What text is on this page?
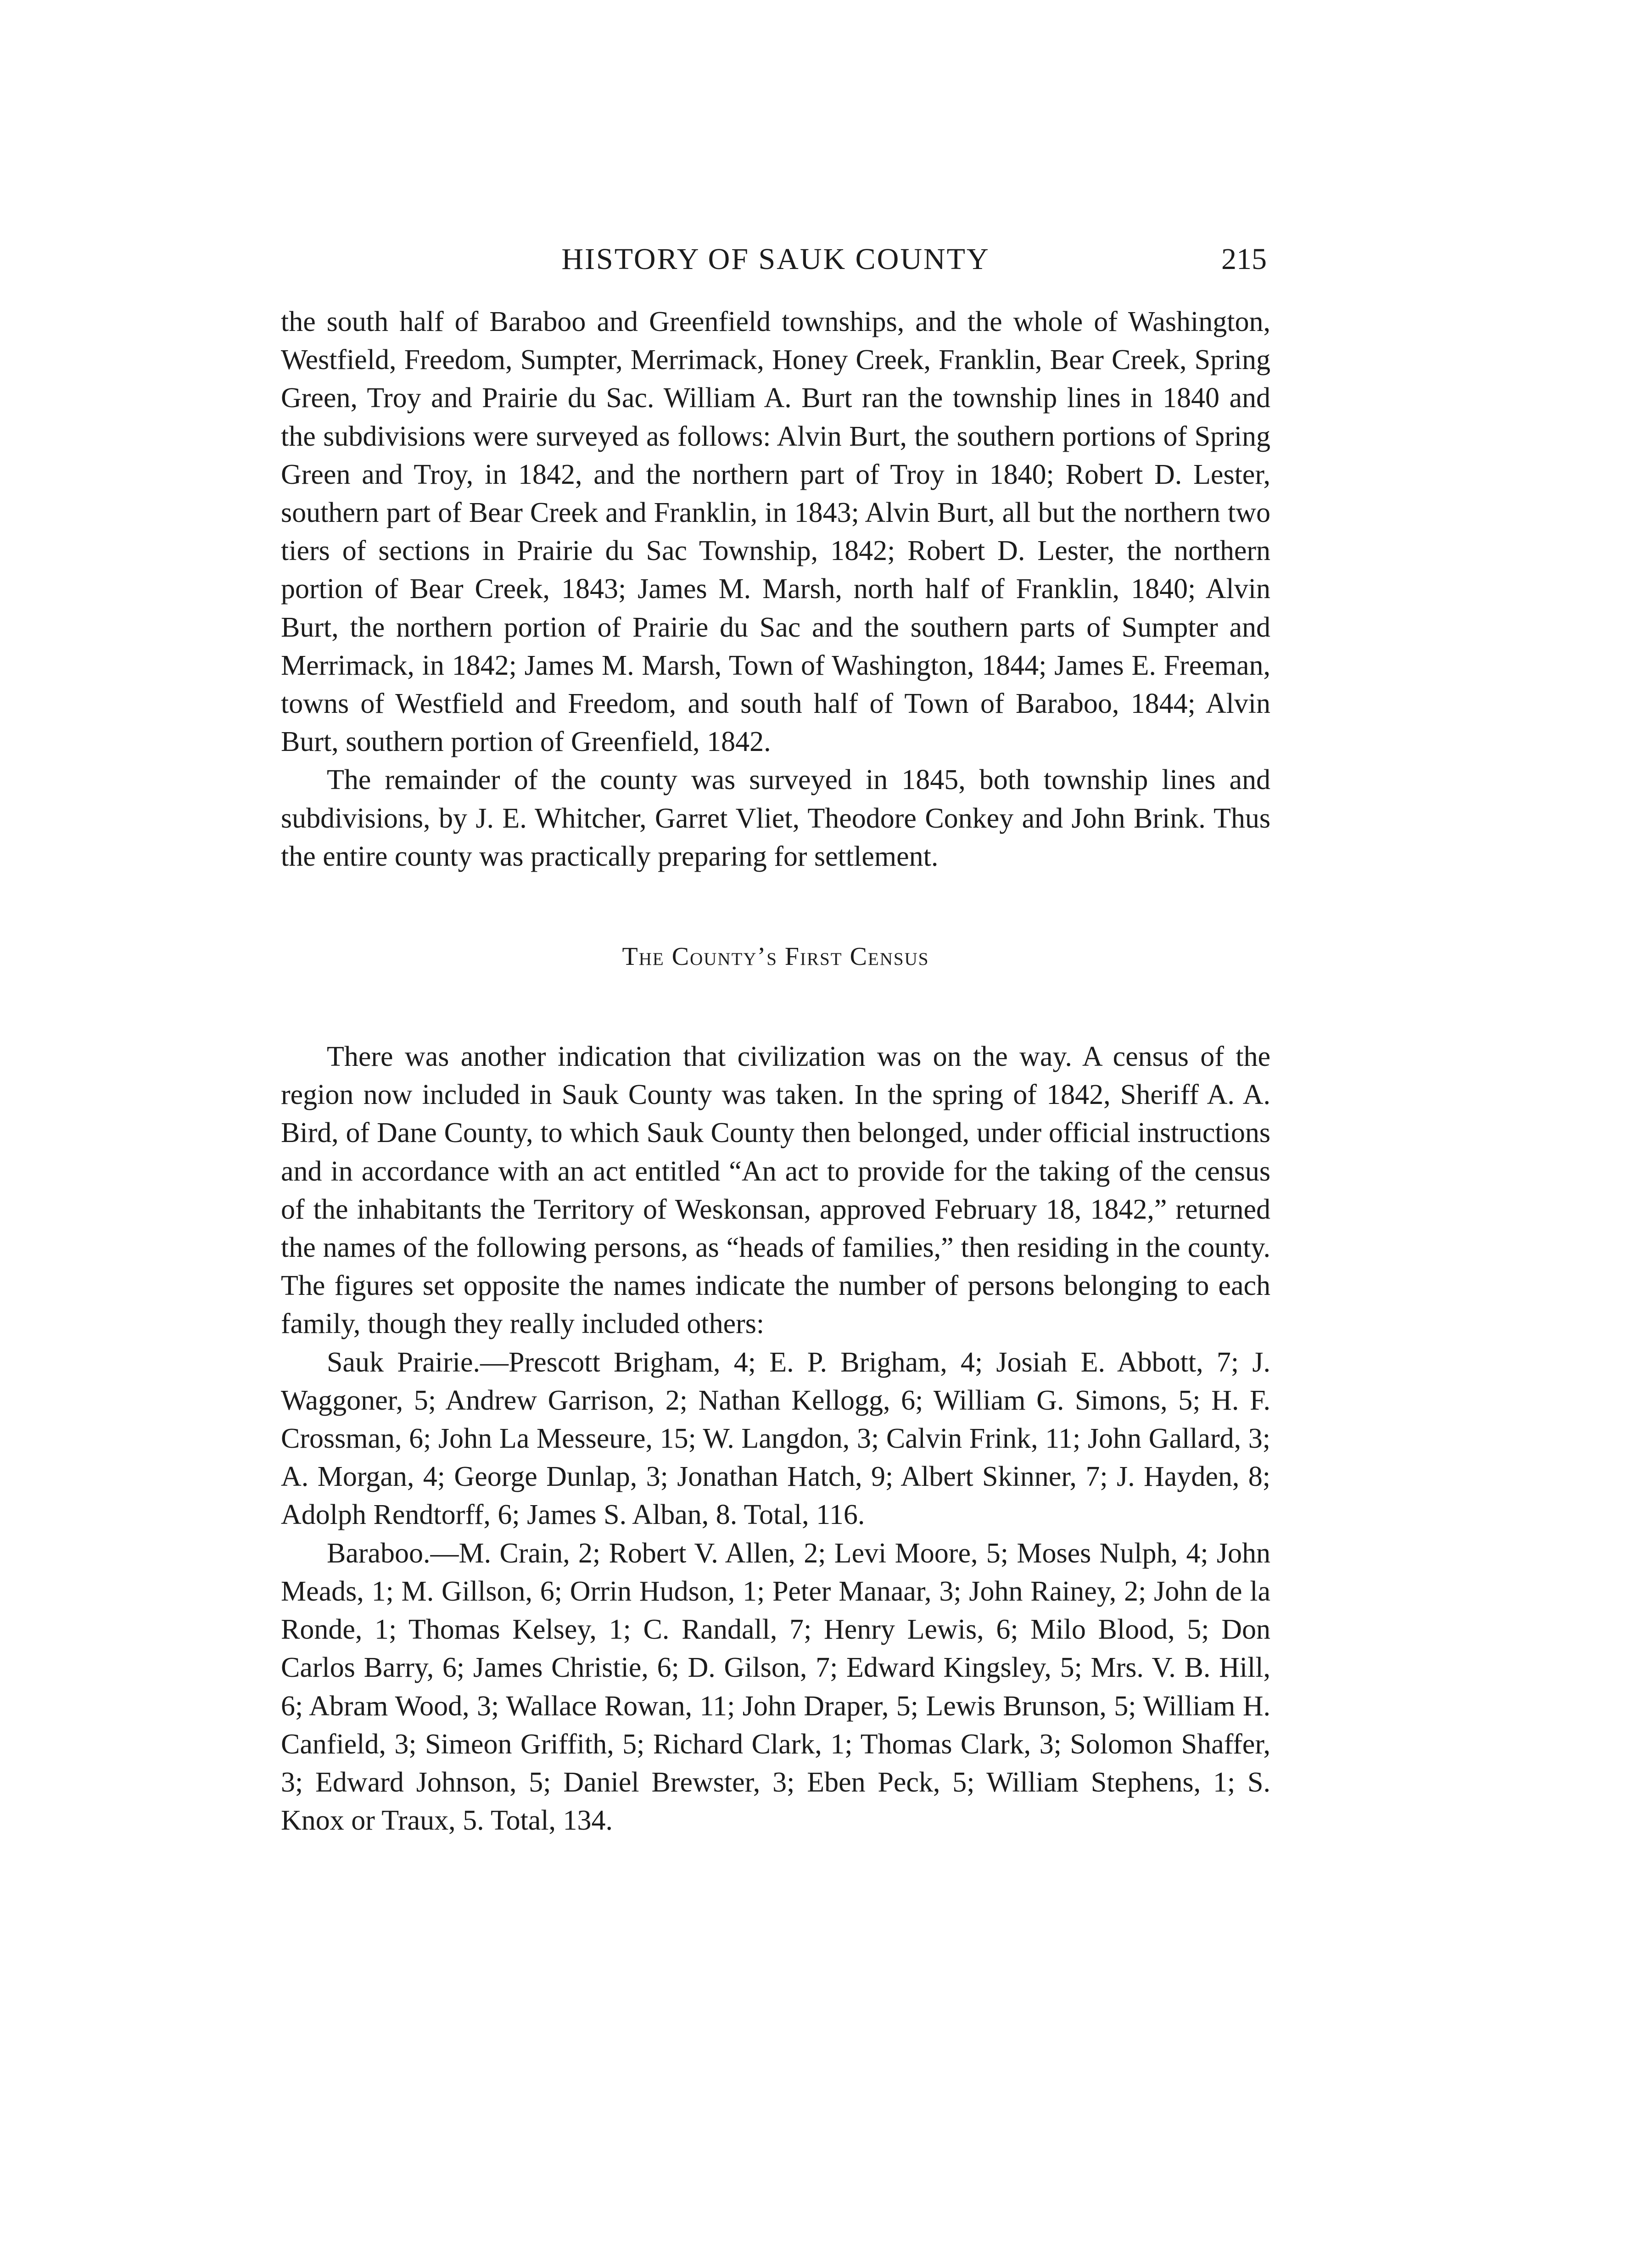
HISTORY OF SAUK COUNTY	215

the south half of Baraboo and Greenfield townships, and the whole of Washington, Westfield, Freedom, Sumpter, Merrimack, Honey Creek, Franklin, Bear Creek, Spring Green, Troy and Prairie du Sac. William A. Burt ran the township lines in 1840 and the subdivisions were surveyed as follows: Alvin Burt, the southern portions of Spring Green and Troy, in 1842, and the northern part of Troy in 1840; Robert D. Lester, southern part of Bear Creek and Franklin, in 1843; Alvin Burt, all but the northern two tiers of sections in Prairie du Sac Township, 1842; Robert D. Lester, the northern portion of Bear Creek, 1843; James M. Marsh, north half of Franklin, 1840; Alvin Burt, the northern portion of Prairie du Sac and the southern parts of Sumpter and Merrimack, in 1842; James M. Marsh, Town of Washington, 1844; James E. Freeman, towns of Westfield and Freedom, and south half of Town of Baraboo, 1844; Alvin Burt, southern portion of Greenfield, 1842.

The remainder of the county was surveyed in 1845, both township lines and subdivisions, by J. E. Whitcher, Garret Vliet, Theodore Conkey and John Brink. Thus the entire county was practically preparing for settlement.

The County’s First Census

There was another indication that civilization was on the way. A census of the region now included in Sauk County was taken. In the spring of 1842, Sheriff A. A. Bird, of Dane County, to which Sauk County then belonged, under official instructions and in accordance with an act entitled “An act to provide for the taking of the census of the inhabitants the Territory of Weskonsan, approved February 18, 1842,” returned the names of the following persons, as “heads of families,” then residing in the county. The figures set opposite the names indicate the number of persons belonging to each family, though they really included others:

Sauk Prairie.—Prescott Brigham, 4; E. P. Brigham, 4; Josiah E. Abbott, 7; J. Waggoner, 5; Andrew Garrison, 2; Nathan Kellogg, 6; William G. Simons, 5; H. F. Crossman, 6; John La Messeure, 15; W. Langdon, 3; Calvin Frink, 11; John Gallard, 3; A. Morgan, 4; George Dunlap, 3; Jonathan Hatch, 9; Albert Skinner, 7; J. Hayden, 8; Adolph Rendtorff, 6; James S. Alban, 8. Total, 116.

Baraboo.—M. Crain, 2; Robert V. Allen, 2; Levi Moore, 5; Moses Nulph, 4; John Meads, 1; M. Gillson, 6; Orrin Hudson, 1; Peter Manaar, 3; John Rainey, 2; John de la Ronde, 1; Thomas Kelsey, 1; C. Randall, 7; Henry Lewis, 6; Milo Blood, 5; Don Carlos Barry, 6; James Christie, 6; D. Gilson, 7; Edward Kingsley, 5; Mrs. V. B. Hill, 6; Abram Wood, 3; Wallace Rowan, 11; John Draper, 5; Lewis Brunson, 5; William H. Canfield, 3; Simeon Griffith, 5; Richard Clark, 1; Thomas Clark, 3; Solomon Shaffer, 3; Edward Johnson, 5; Daniel Brewster, 3; Eben Peck, 5; William Stephens, 1; S. Knox or Traux, 5. Total, 134.
